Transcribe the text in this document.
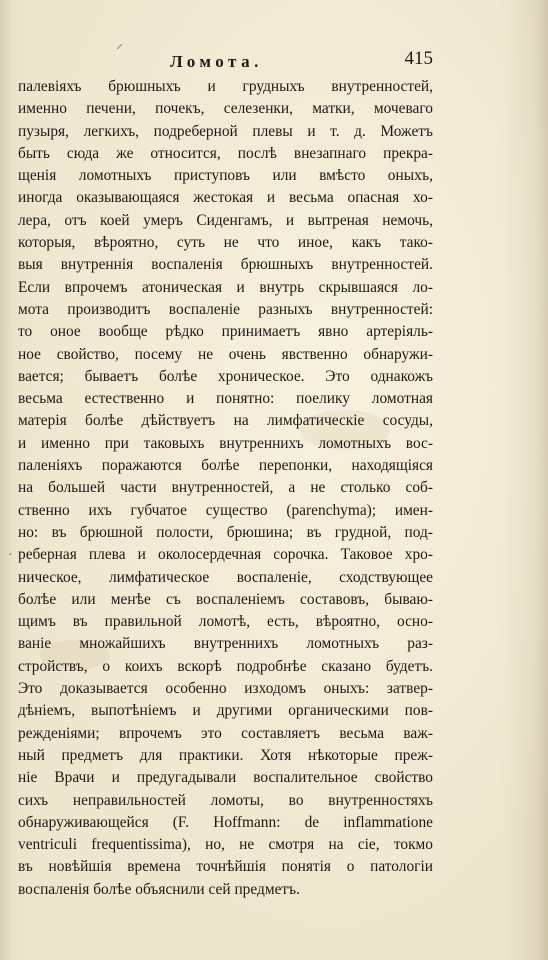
Ломота.	415
·
⸍
палевіяхъ брюшныхъ и грудныхъ внутренностей,
именно печени, почекъ, селезенки, матки, мочеваго
пузыря, легкихъ, подреберной плевы и т. д. Можетъ
быть сюда же относится, послѣ внезапнаго прекра-
щенія ломотныхъ приступовъ или вмѣсто оныхъ,
иногда оказывающаяся жестокая и весьма опасная хо-
лера, отъ коей умеръ Сиденгамъ, и вытреная немочь,
которыя, вѣроятно, суть не что иное, какъ тако-
выя внутреннія воспаленія брюшныхъ внутренностей.
Если впрочемъ атоническая и внутрь скрывшаяся ло-
мота производитъ воспаленіе разныхъ внутренностей:
то оное вообще рѣдко принимаетъ явно артеріяль-
ное свойство, посему не очень явственно обнаружи-
вается; бываетъ болѣе хроническое. Это однакожъ
весьма естественно и понятно: поелику ломотная
матерія болѣе дѣйствуетъ на лимфатическіе сосуды,
и именно при таковыхъ внутреннихъ ломотныхъ вос-
паленіяхъ поражаются болѣе перепонки, находящіяся
на большей части внутренностей, а не столько соб-
ственно ихъ губчатое существо (parenchyma); имен-
но: въ брюшной полости, брюшина; въ грудной, под-
реберная плева и околосердечная сорочка. Таковое хро-
ническое, лимфатическое воспаленіе, сходствующее
болѣе или менѣе съ воспаленіемъ составовъ, бываю-
щимъ въ правильной ломотѣ, есть, вѣроятно, осно-
ваніе множайшихъ внутреннихъ ломотныхъ раз-
стройствъ, о коихъ вскорѣ подробнѣе сказано будетъ.
Это доказывается особенно изходомъ оныхъ: затвер-
дѣніемъ, выпотѣніемъ и другими органическими пов-
режденіями; впрочемъ это составляетъ весьма важ-
ный предметъ для практики. Хотя нѣкоторые преж-
ніе Врачи и предугадывали воспалительное свойство
сихъ неправильностей ломоты, во внутренностяхъ
обнаруживающейся (F. Hoffmann: de inflammatione
ventriculi frequentissima), но, не смотря на сіе, токмо
въ новѣйшія времена точнѣйшія понятія о патологіи
воспаленія болѣе объяснили сей предметъ.
